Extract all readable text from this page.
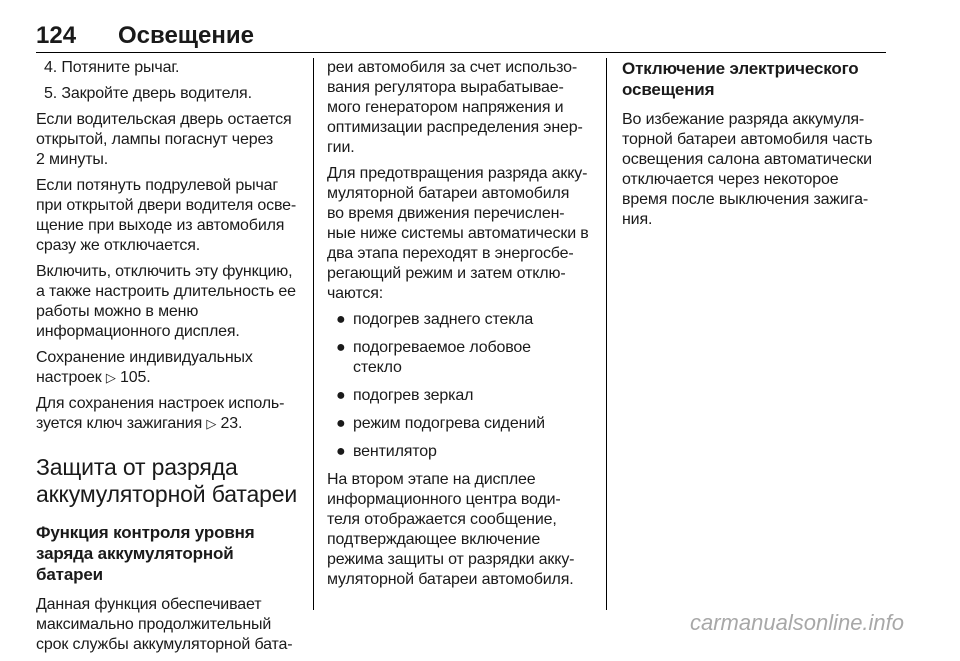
124 Освещение
4. Потяните рычаг.
5. Закройте дверь водителя.
Если водительская дверь остается
открытой, лампы погаснут через
2 минуты.
Если потянуть подрулевой рычаг
при открытой двери водителя осве-
щение при выходе из автомобиля
сразу же отключается.
Включить, отключить эту функцию,
а также настроить длительность ее
работы можно в меню
информационного дисплея.
Сохранение индивидуальных
настроек ▷ 105.
Для сохранения настроек исполь-
зуется ключ зажигания ▷ 23.
Защита от разряда
аккумуляторной батареи
Функция контроля уровня
заряда аккумуляторной
батареи
Данная функция обеспечивает
максимально продолжительный
срок службы аккумуляторной бата-
реи автомобиля за счет использо-
вания регулятора вырабатывае-
мого генератором напряжения и
оптимизации распределения энер-
гии.
Для предотвращения разряда акку-
муляторной батареи автомобиля
во время движения перечислен-
ные ниже системы автоматически в
два этапа переходят в энергосбе-
регающий режим и затем отклю-
чаются:
● подогрев заднего стекла
● подогреваемое лобовое
стекло
● подогрев зеркал
● режим подогрева сидений
● вентилятор
На втором этапе на дисплее
информационного центра води-
теля отображается сообщение,
подтверждающее включение
режима защиты от разрядки акку-
муляторной батареи автомобиля.
Отключение электрического
освещения
Во избежание разряда аккумуля-
торной батареи автомобиля часть
освещения салона автоматически
отключается через некоторое
время после выключения зажига-
ния.
carmanualsonline.info
